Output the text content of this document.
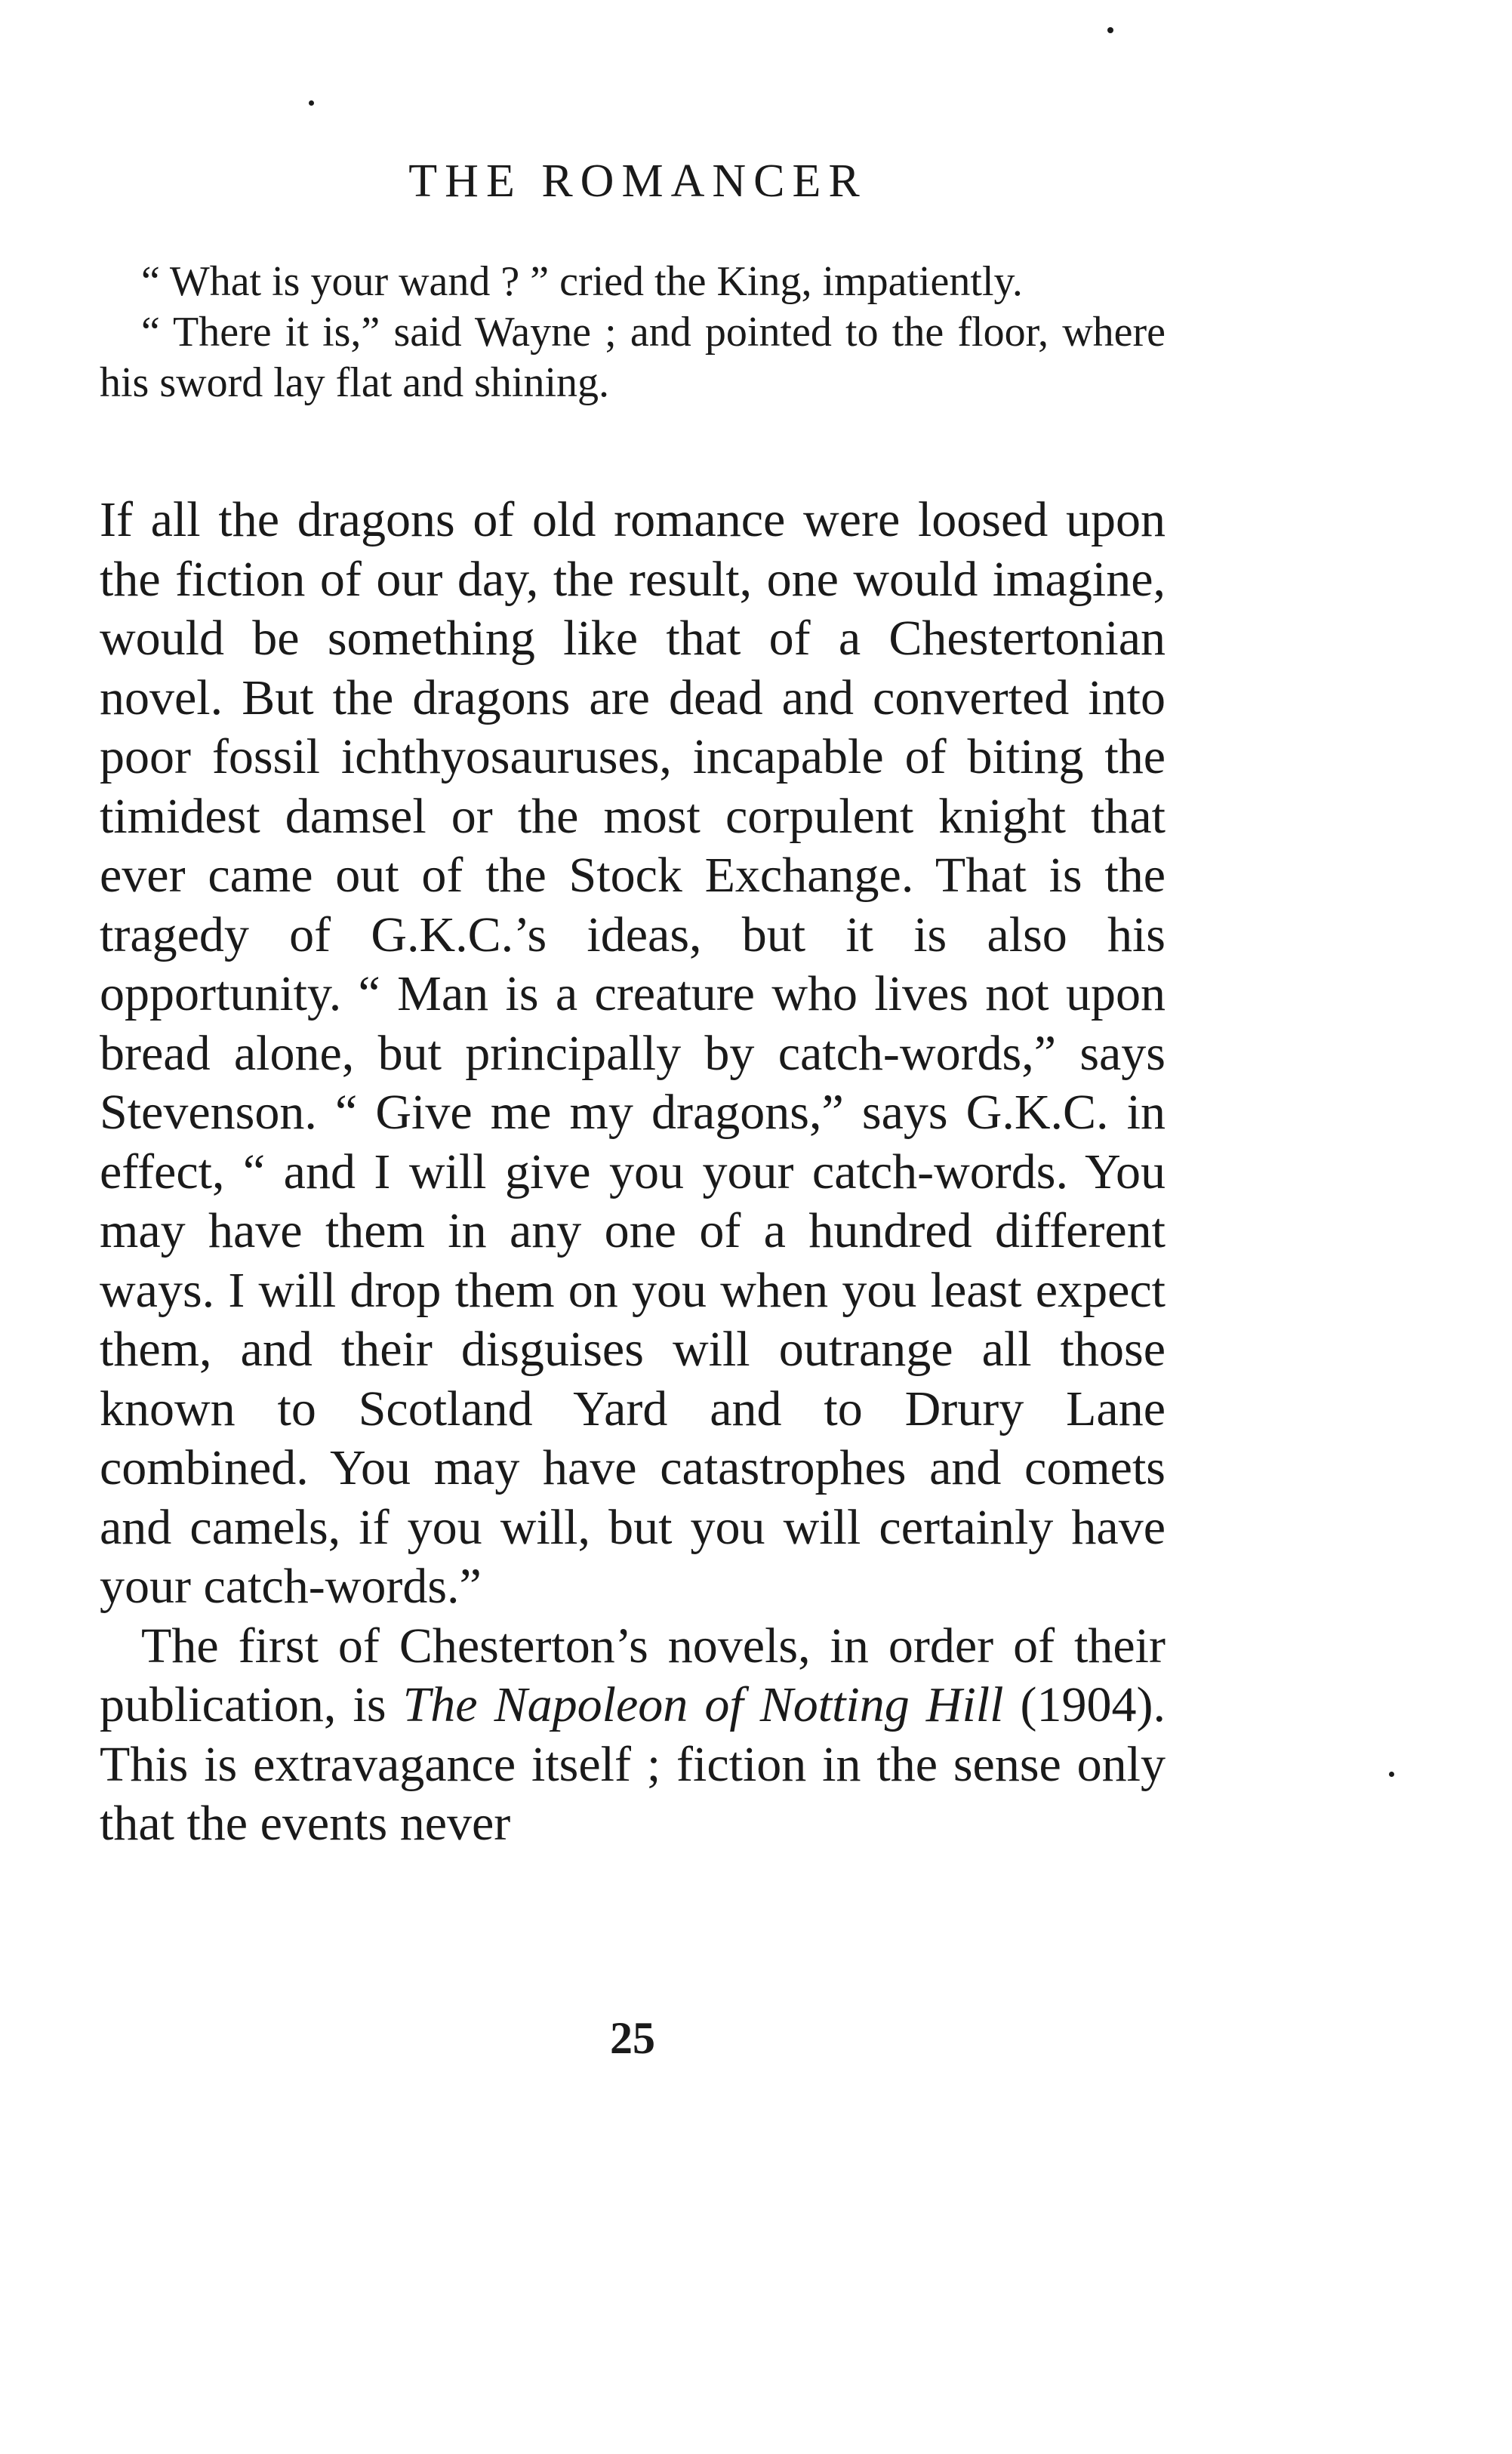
THE ROMANCER

“ What is your wand ? ” cried the King, impatiently.

“ There it is,” said Wayne ; and pointed to the floor, where his sword lay flat and shining.

If all the dragons of old romance were loosed upon the fiction of our day, the result, one would imagine, would be something like that of a Chestertonian novel. But the dragons are dead and converted into poor fossil ichthyosauruses, incapable of biting the timidest damsel or the most corpulent knight that ever came out of the Stock Exchange. That is the tragedy of G.K.C.’s ideas, but it is also his opportunity. “ Man is a creature who lives not upon bread alone, but principally by catch-words,” says Stevenson. “ Give me my dragons,” says G.K.C. in effect, “ and I will give you your catch-words. You may have them in any one of a hundred different ways. I will drop them on you when you least expect them, and their disguises will outrange all those known to Scotland Yard and to Drury Lane combined. You may have catastrophes and comets and camels, if you will, but you will certainly have your catch-words.”

The first of Chesterton’s novels, in order of their publication, is The Napoleon of Notting Hill (1904). This is extravagance itself ; fiction in the sense only that the events never

25
